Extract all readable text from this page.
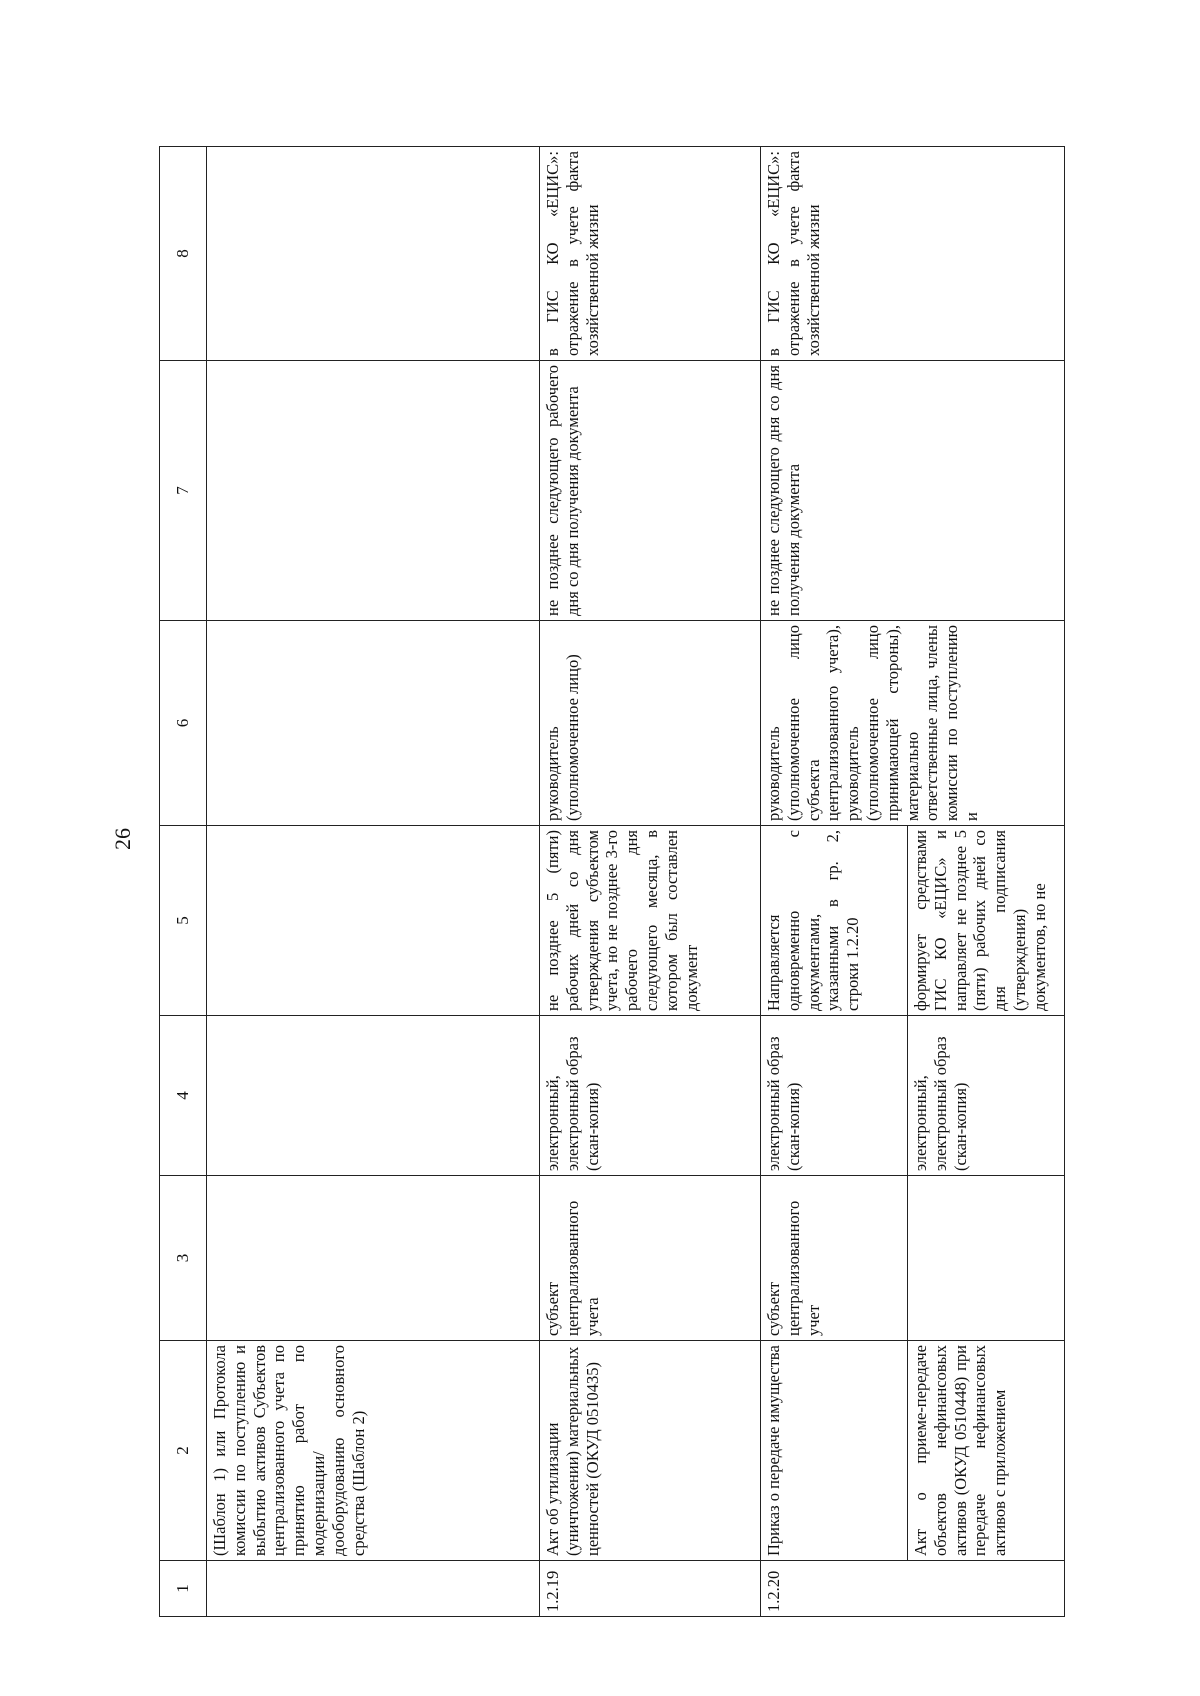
26
1	2	3	4	5	6	7	8
	(Шаблон 1) или Протокола комиссии по поступлению и выбытию активов Субъектов централизованного учета по принятию работ по модернизации/дооборудованию основного средства (Шаблон 2)						
1.2.19	Акт об утилизации (уничтожении) материальных ценностей (ОКУД 0510435)	субъект централизованного учета	электронный, электронный образ (скан-копия)	не позднее 5 (пяти) рабочих дней со дня утверждения субъектом учета, но не позднее 3-го рабочего дня следующего месяца, в котором был составлен документ	руководитель (уполномоченное лицо)	не позднее следующего рабочего дня со дня получения документа	в ГИС КО «ЕЦИС»: отражение в учете факта хозяйственной жизни
1.2.20	Приказ о передаче имущества	субъект централизованного учет	электронный образ (скан-копия)	Направляется одновременно с документами, указанными в гр. 2, строки 1.2.20	руководитель (уполномоченное лицо субъекта централизованного учета), руководитель (уполномоченное лицо принимающей стороны), материально ответственные лица, члены комиссии по поступлению и	не позднее следующего дня со дня получения документа	в ГИС КО «ЕЦИС»: отражение в учете факта хозяйственной жизни
	Акт о приеме-передаче объектов нефинансовых активов (ОКУД 0510448) при передаче нефинансовых активов с приложением		электронный, электронный образ (скан-копия)	формирует средствами ГИС КО «ЕЦИС» и направляет не позднее 5 (пяти) рабочих дней со дня подписания (утверждения) документов, но не			
